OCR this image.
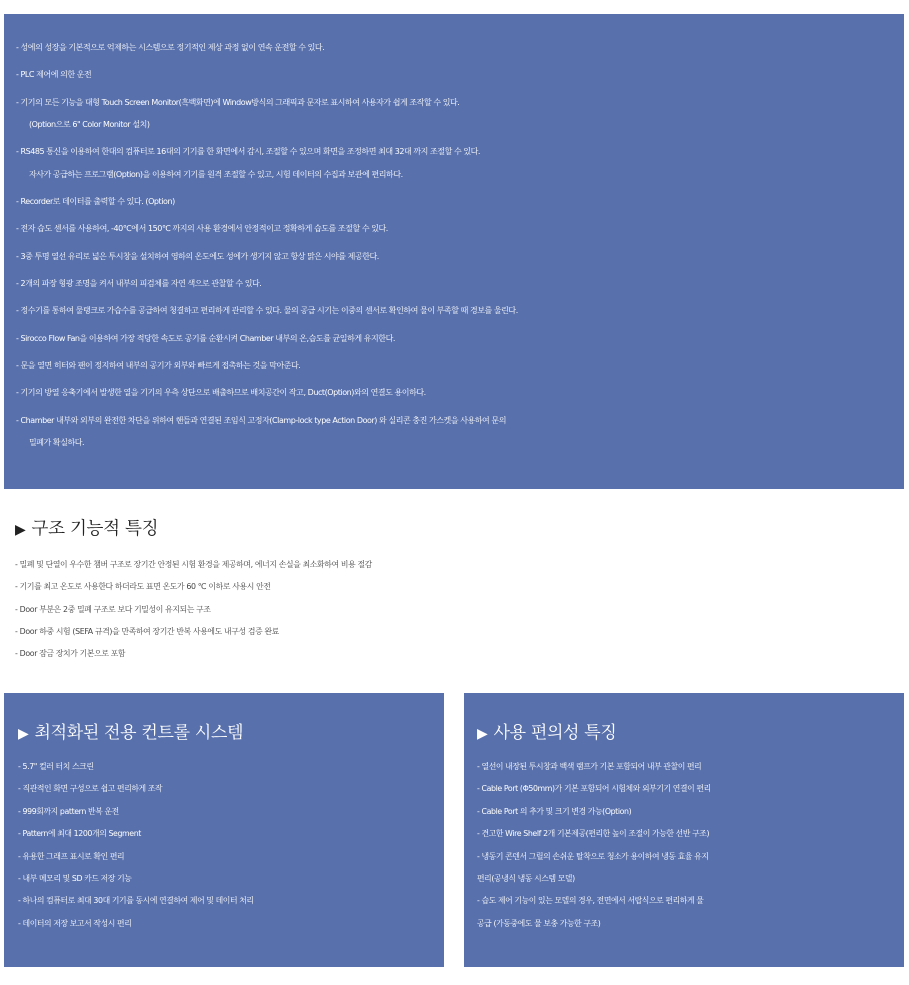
- 성에의 성장을 기본적으로 억제하는 시스템으로 정기적인 제상 과정 없이 연속 운전할 수 있다.
- PLC 제어에 의한 운전
- 기기의 모든 기능을 대형 Touch Screen Monitor(흑백화면)에 Window방식의 그래픽과 문자로 표시하여 사용자가 쉽게 조작할 수 있다.
(Option으로 6" Color Monitor 설치)
- RS485 통신을 이용하여 한대의 컴퓨터로 16대의 기기를 한 화면에서 감시, 조절할 수 있으며 화면을 조정하면 최대 32대 까지 조절할 수 있다.
자사가 공급하는 프로그램(Option)을 이용하여 기기를 원격 조절할 수 있고, 시험 데이터의 수집과 보관에 편리하다.
- Recorder로 데이터를 출력할 수 있다. (Option)
- 전자 습도 센서를 사용하여, -40℃에서 150℃ 까지의 사용 환경에서 안정적이고 정확하게 습도를 조절할 수 있다.
- 3중 투명 열선 유리로 넓은 투시창을 설치하여 영하의 온도에도 성에가 생기지 않고 항상 맑은 시야를 제공한다.
- 2개의 파장 형광 조명을 켜서 내부의 피검체를 자연 색으로 관찰할 수 있다.
- 정수기를 통하여 물탱크로 가습수를 공급하여 청결하고 편리하게 관리할 수 있다. 물의 공급 시기는 이중의 센서로 확인하여 물이 부족할 때 경보를 울린다.
- Sirocco Flow Fan을 이용하여 가장 적당한 속도로 공기를 순환시켜 Chamber 내부의 온,습도를 균일하게 유지한다.
- 문을 열면 히터와 팬이 정지하여 내부의 공기가 외부와 빠르게 접촉하는 것을 막아준다.
- 기기의 방열 응축기에서 발생한 열을 기기의 우측 상단으로 배출하므로 배치공간이 작고, Duct(Option)와의 연결도 용이하다.
- Chamber 내부와 외부의 완전한 차단을 위하여 핸들과 연결된 조임식 고정자(Clamp-lock type Action Door) 와 실리콘 충진 가스켓을 사용하여 문의
밀폐가 확실하다.
▶ 구조 기능적 특징
- 밀폐 및 단열이 우수한 챔버 구조로 장기간 안정된 시험 환경을 제공하며, 에너지 손실을 최소화하여 비용 절감
- 기기를 최고 온도로 사용한다 하더라도 표면 온도가 60 ℃ 이하로 사용시 안전
- Door 부분은 2중 밀폐 구조로 보다 기밀성이 유지되는 구조
- Door 하중 시험 (SEFA 규격)을 만족하여 장기간 반복 사용에도 내구성 검증 완료
- Door 잠금 장치가 기본으로 포함
▶ 최적화된 전용 컨트롤 시스템
- 5.7" 컬러 터치 스크린
- 직관적인 화면 구성으로 쉽고 편리하게 조작
- 999회까지 pattern 반복 운전
- Pattern에 최대 1200개의 Segment
- 유용한 그래프 표시로 확인 편리
- 내부 메모리 및 SD 카드 저장 기능
- 하나의 컴퓨터로 최대 30대 기기를 동시에 연결하여 제어 및 데이터 처리
- 데이터의 저장 보고서 작성시 편리
▶ 사용 편의성 특징
- 열선이 내장된 투시창과 백색 램프가 기본 포함되어 내부 관찰이 편리
- Cable Port (Φ50mm)가 기본 포함되어 시험체와 외부기기 연결이 편리
- Cable Port 의 추가 및 크기 변경 가능(Option)
- 견고한 Wire Shelf 2개 기본제공(편리한 높이 조절이 가능한 선반 구조)
- 냉동기 콘덴서 그릴의 손쉬운 탈착으로 청소가 용이하여 냉동 효율 유지
편리(공냉식 냉동 시스템 모델)
- 습도 제어 기능이 있는 모델의 경우, 전면에서 서랍식으로 편리하게 물
공급 (가동중에도 물 보충 가능한 구조)
